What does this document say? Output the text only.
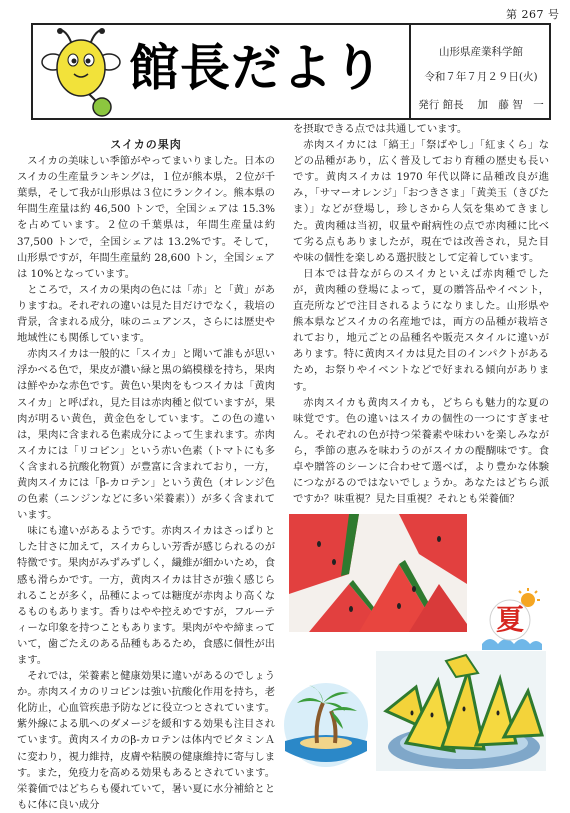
第 267 号
館長だより	山形県産業科学館
令和７年７月２９日(火)
発行 館長　 加　藤 智　一

スイカの果肉

スイカの美味しい季節がやってまいりました。日本のスイカの生産量ランキングは，１位が熊本県，２位が千葉県，そして我が山形県は３位にランクイン。熊本県の年間生産量は約 46,500 トンで，全国シェアは 15.3%を占めています。２位の千葉県は，年間生産量は約 37,500 トンで，全国シェアは 13.2%です。そして，山形県ですが，年間生産量約 28,600 トン，全国シェアは 10%となっています。

ところで，スイカの果肉の色には「赤」と「黄」がありますね。それぞれの違いは見た目だけでなく，栽培の背景，含まれる成分，味のニュアンス，さらには歴史や地域性にも関係しています。

赤肉スイカは一般的に「スイカ」と聞いて誰もが思い浮かべる色で，果皮が濃い緑と黒の縞模様を持ち，果肉は鮮やかな赤色です。黄色い果肉をもつスイカは「黄肉スイカ」と呼ばれ，見た目は赤肉種と似ていますが，果肉が明るい黄色，黄金色をしています。この色の違いは，果肉に含まれる色素成分によって生まれます。赤肉スイカには「リコピン」という赤い色素（トマトにも多く含まれる抗酸化物質）が豊富に含まれており，一方，黄肉スイカには「β-カロテン」という黄色（オレンジ色の色素（ニンジンなどに多い栄養素））が多く含まれています。

味にも違いがあるようです。赤肉スイカはさっぱりとした甘さに加えて，スイカらしい芳香が感じられるのが特徴です。果肉がみずみずしく，繊維が細かいため，食感も滑らかです。一方，黄肉スイカは甘さが強く感じられることが多く，品種によっては糖度が赤肉より高くなるものもあります。香りはやや控えめですが，フルーティーな印象を持つこともあります。果肉がやや締まっていて，歯ごたえのある品種もあるため，食感に個性が出ます。

それでは，栄養素と健康効果に違いがあるのでしょうか。赤肉スイカのリコピンは強い抗酸化作用を持ち，老化防止，心血管疾患予防などに役立つとされています。紫外線による肌へのダメージを緩和する効果も注目されています。黄肉スイカのβ-カロテンは体内でビタミンＡに変わり，視力維持，皮膚や粘膜の健康維持に寄与します。また，免疫力を高める効果もあるとされています。栄養価ではどちらも優れていて，暑い夏に水分補給とともに体に良い成分

を摂取できる点では共通しています。

赤肉スイカには「縞王」「祭ばやし」「紅まくら」などの品種があり，広く普及しており育種の歴史も長いです。黄肉スイカは 1970 年代以降に品種改良が進み，「サマーオレンジ」「おつきさま」「黄美玉（きびたま）」などが登場し，珍しさから人気を集めてきました。黄肉種は当初，収量や耐病性の点で赤肉種に比べて劣る点もありましたが，現在では改善され，見た目や味の個性を楽しめる選択肢として定着しています。

日本では昔ながらのスイカといえば赤肉種でしたが，黄肉種の登場によって，夏の贈答品やイベント，直売所などで注目されるようになりました。山形県や熊本県などスイカの名産地では，両方の品種が栽培されており，地元ごとの品種名や販売スタイルに違いがあります。特に黄肉スイカは見た目のインパクトがあるため，お祭りやイベントなどで好まれる傾向があります。

赤肉スイカも黄肉スイカも，どちらも魅力的な夏の味覚です。色の違いはスイカの個性の一つにすぎません。それぞれの色が持つ栄養素や味わいを楽しみながら，季節の恵みを味わうのがスイカの醍醐味です。食卓や贈答のシーンに合わせて選べば，より豊かな体験につながるのではないでしょうか。あなたはどちら派ですか？味重視？見た目重視？それとも栄養価？

夏
